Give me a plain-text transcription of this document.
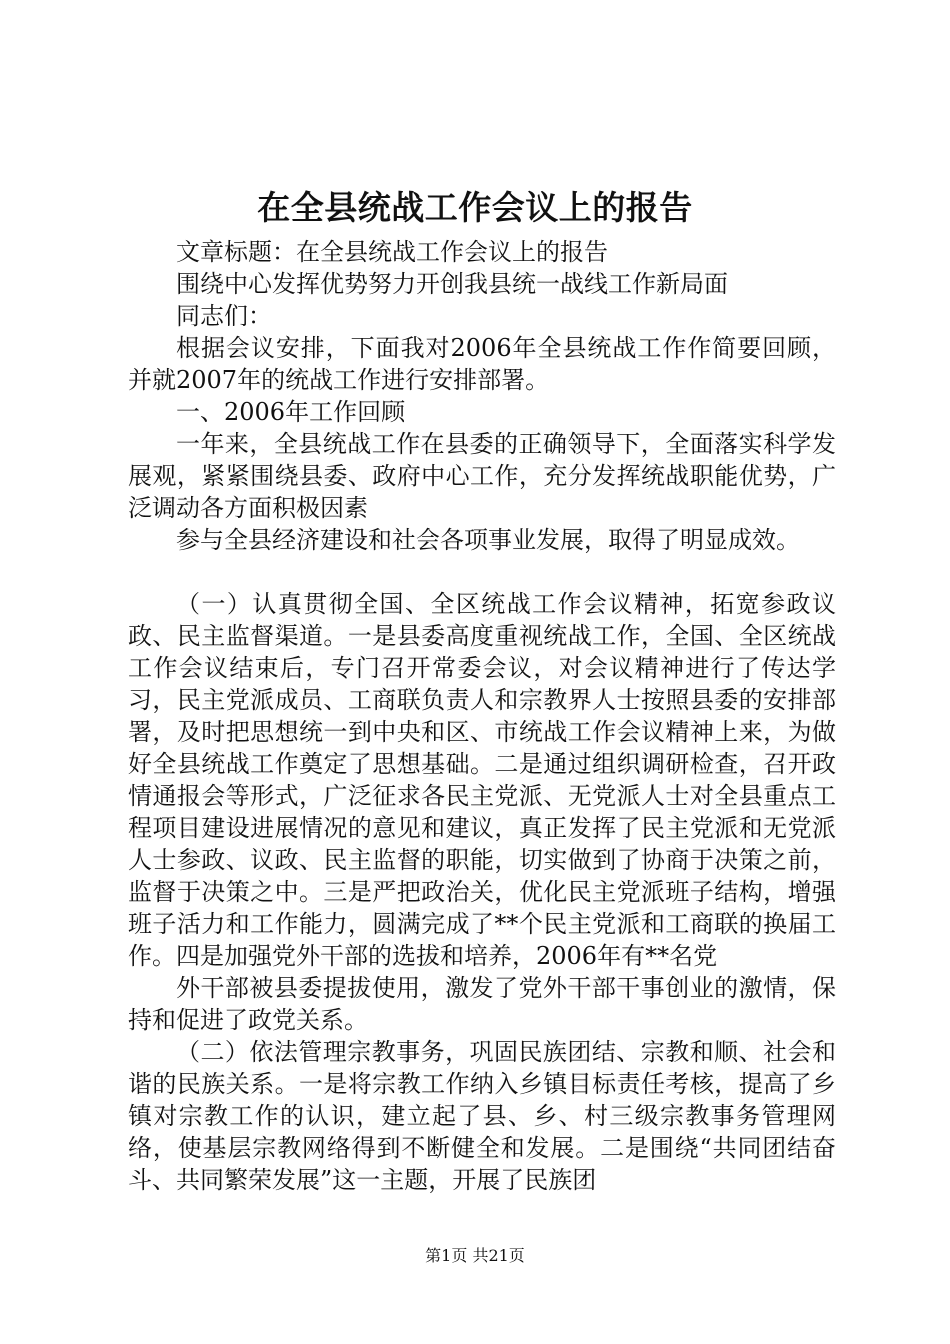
在全县统战工作会议上的报告

文章标题：在全县统战工作会议上的报告

围绕中心发挥优势努力开创我县统一战线工作新局面

同志们：

根据会议安排，下面我对2006年全县统战工作作简要回顾，并就2007年的统战工作进行安排部署。

一、2006年工作回顾

一年来，全县统战工作在县委的正确领导下，全面落实科学发展观，紧紧围绕县委、政府中心工作，充分发挥统战职能优势，广泛调动各方面积极因素

参与全县经济建设和社会各项事业发展，取得了明显成效。

（一）认真贯彻全国、全区统战工作会议精神，拓宽参政议政、民主监督渠道。一是县委高度重视统战工作，全国、全区统战工作会议结束后，专门召开常委会议，对会议精神进行了传达学习，民主党派成员、工商联负责人和宗教界人士按照县委的安排部署，及时把思想统一到中央和区、市统战工作会议精神上来，为做好全县统战工作奠定了思想基础。二是通过组织调研检查，召开政情通报会等形式，广泛征求各民主党派、无党派人士对全县重点工程项目建设进展情况的意见和建议，真正发挥了民主党派和无党派人士参政、议政、民主监督的职能，切实做到了协商于决策之前，监督于决策之中。三是严把政治关，优化民主党派班子结构，增强班子活力和工作能力，圆满完成了**个民主党派和工商联的换届工作。四是加强党外干部的选拔和培养，2006年有**名党

外干部被县委提拔使用，激发了党外干部干事创业的激情，保持和促进了政党关系。

（二）依法管理宗教事务，巩固民族团结、宗教和顺、社会和谐的民族关系。一是将宗教工作纳入乡镇目标责任考核，提高了乡镇对宗教工作的认识，建立起了县、乡、村三级宗教事务管理网络，使基层宗教网络得到不断健全和发展。二是围绕“共同团结奋斗、共同繁荣发展”这一主题，开展了民族团

第1页 共21页
